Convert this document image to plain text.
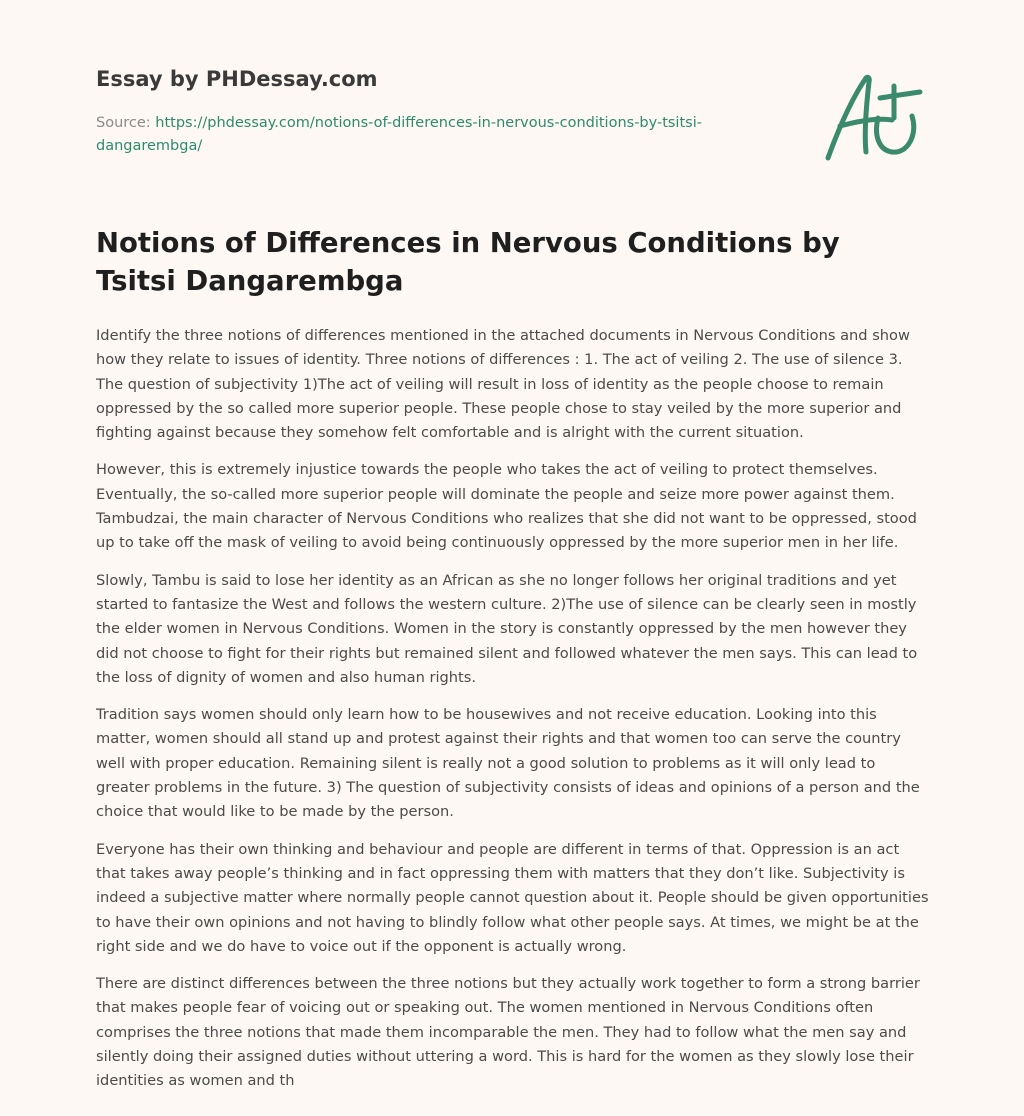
Essay by PHDessay.com
Source: https://phdessay.com/notions-of-differences-in-nervous-conditions-by-tsitsi-dangarembga/
Notions of Differences in Nervous Conditions by Tsitsi Dangarembga

Identify the three notions of differences mentioned in the attached documents in Nervous Conditions and show how they relate to issues of identity. Three notions of differences : 1. The act of veiling 2. The use of silence 3. The question of subjectivity 1)The act of veiling will result in loss of identity as the people choose to remain oppressed by the so called more superior people. These people chose to stay veiled by the more superior and fighting against because they somehow felt comfortable and is alright with the current situation.

However, this is extremely injustice towards the people who takes the act of veiling to protect themselves. Eventually, the so-called more superior people will dominate the people and seize more power against them. Tambudzai, the main character of Nervous Conditions who realizes that she did not want to be oppressed, stood up to take off the mask of veiling to avoid being continuously oppressed by the more superior men in her life.

Slowly, Tambu is said to lose her identity as an African as she no longer follows her original traditions and yet started to fantasize the West and follows the western culture. 2)The use of silence can be clearly seen in mostly the elder women in Nervous Conditions. Women in the story is constantly oppressed by the men however they did not choose to fight for their rights but remained silent and followed whatever the men says. This can lead to the loss of dignity of women and also human rights.

Tradition says women should only learn how to be housewives and not receive education. Looking into this matter, women should all stand up and protest against their rights and that women too can serve the country well with proper education. Remaining silent is really not a good solution to problems as it will only lead to greater problems in the future. 3) The question of subjectivity consists of ideas and opinions of a person and the choice that would like to be made by the person.

Everyone has their own thinking and behaviour and people are different in terms of that. Oppression is an act that takes away people’s thinking and in fact oppressing them with matters that they don’t like. Subjectivity is indeed a subjective matter where normally people cannot question about it. People should be given opportunities to have their own opinions and not having to blindly follow what other people says. At times, we might be at the right side and we do have to voice out if the opponent is actually wrong.

There are distinct differences between the three notions but they actually work together to form a strong barrier that makes people fear of voicing out or speaking out. The women mentioned in Nervous Conditions often comprises the three notions that made them incomparable the men. They had to follow what the men say and silently doing their assigned duties without uttering a word. This is hard for the women as they slowly lose their identities as women and th
